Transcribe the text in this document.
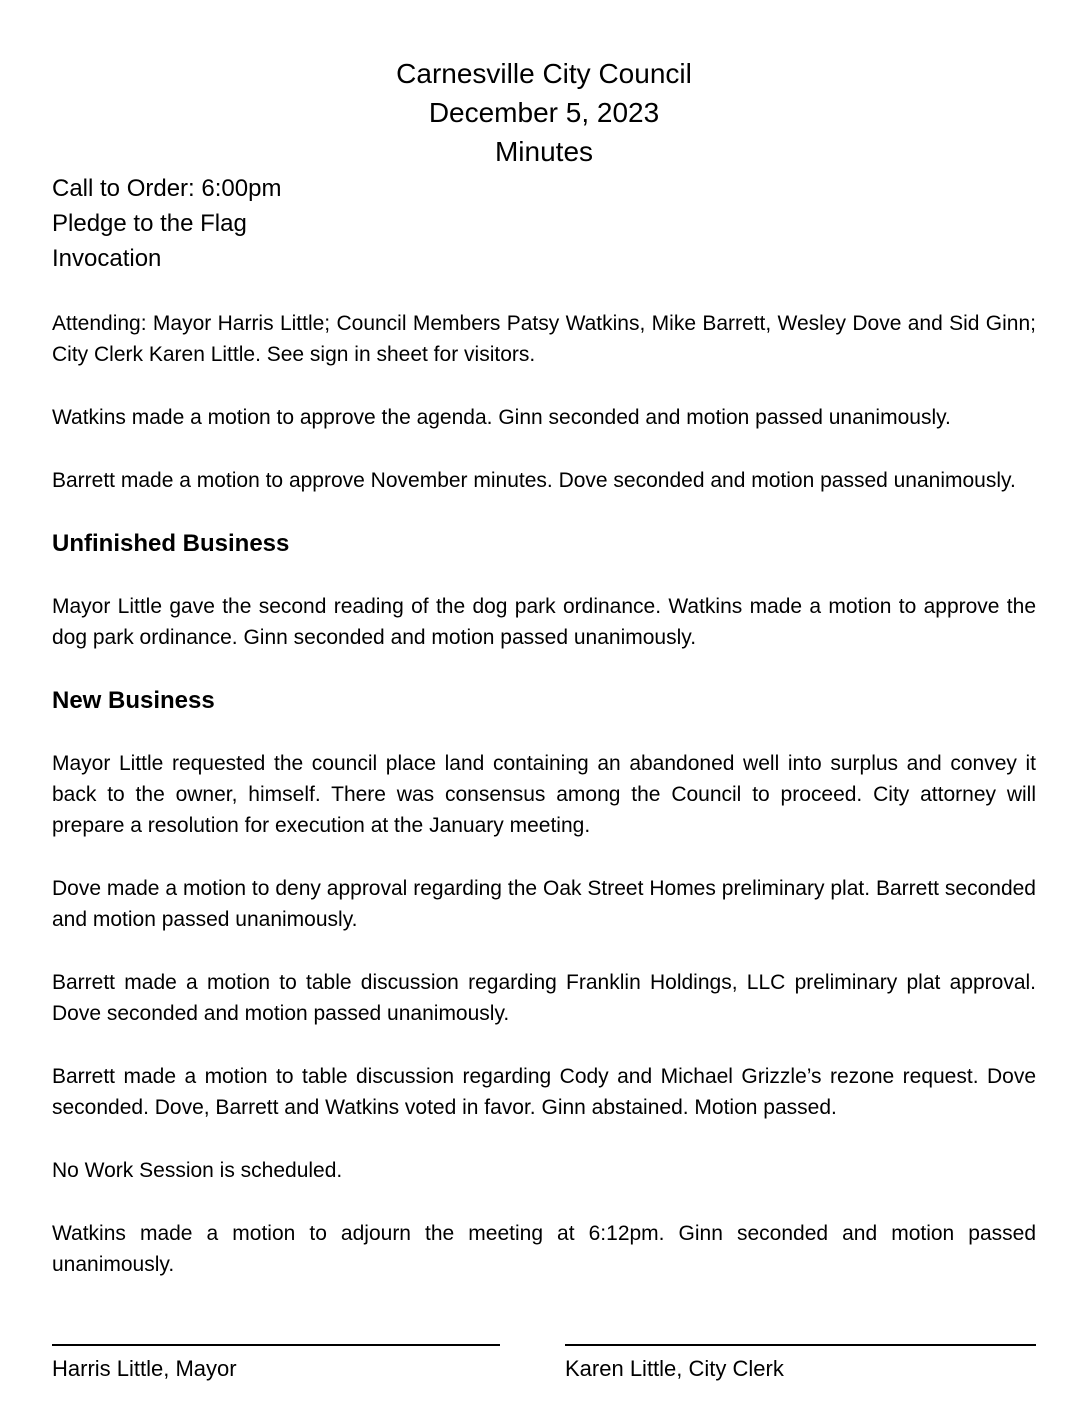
Carnesville City Council
December 5, 2023
Minutes
Call to Order: 6:00pm
Pledge to the Flag
Invocation

Attending: Mayor Harris Little; Council Members Patsy Watkins, Mike Barrett, Wesley Dove and Sid Ginn; City Clerk Karen Little. See sign in sheet for visitors.

Watkins made a motion to approve the agenda. Ginn seconded and motion passed unanimously.

Barrett made a motion to approve November minutes. Dove seconded and motion passed unanimously.

Unfinished Business

Mayor Little gave the second reading of the dog park ordinance. Watkins made a motion to approve the dog park ordinance. Ginn seconded and motion passed unanimously.

New Business

Mayor Little requested the council place land containing an abandoned well into surplus and convey it back to the owner, himself. There was consensus among the Council to proceed. City attorney will prepare a resolution for execution at the January meeting.

Dove made a motion to deny approval regarding the Oak Street Homes preliminary plat. Barrett seconded and motion passed unanimously.

Barrett made a motion to table discussion regarding Franklin Holdings, LLC preliminary plat approval. Dove seconded and motion passed unanimously.

Barrett made a motion to table discussion regarding Cody and Michael Grizzle’s rezone request. Dove seconded. Dove, Barrett and Watkins voted in favor. Ginn abstained. Motion passed.

No Work Session is scheduled.

Watkins made a motion to adjourn the meeting at 6:12pm. Ginn seconded and motion passed unanimously.

Harris Little, Mayor	Karen Little, City Clerk
